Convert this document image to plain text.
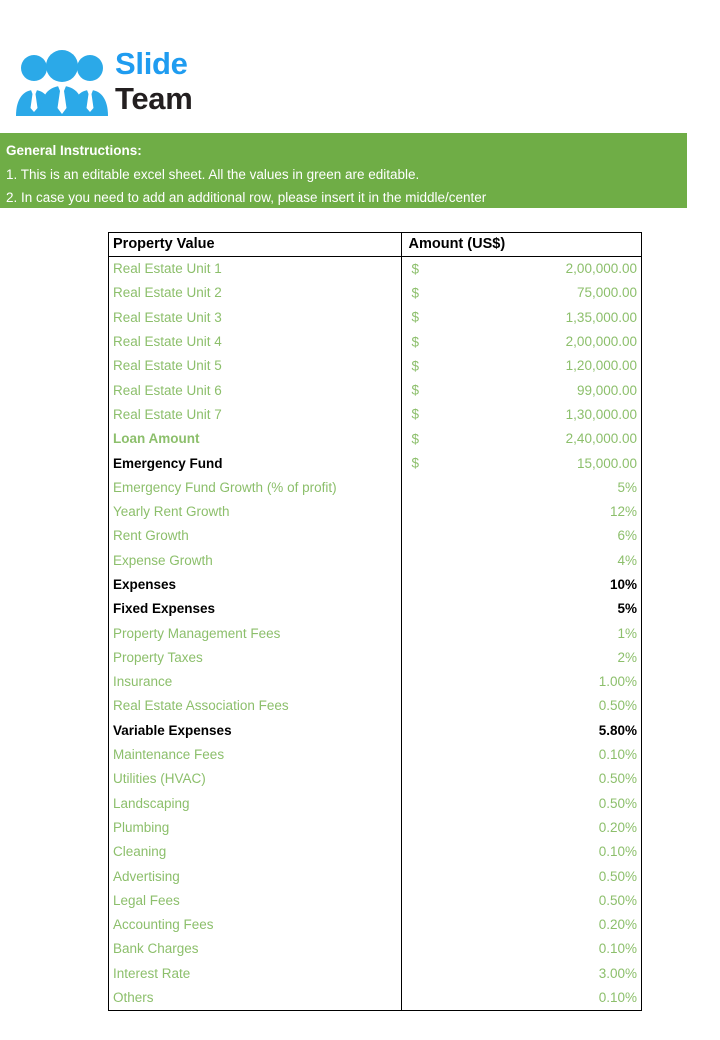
Slide
Team
General Instructions:
1. This is an editable excel sheet. All the values in green are editable.
2. In case you need to add an additional row, please insert it in the middle/center
Property Value	Amount (US$)
Real Estate Unit 1	$ 2,00,000.00
Real Estate Unit 2	$ 75,000.00
Real Estate Unit 3	$ 1,35,000.00
Real Estate Unit 4	$ 2,00,000.00
Real Estate Unit 5	$ 1,20,000.00
Real Estate Unit 6	$ 99,000.00
Real Estate Unit 7	$ 1,30,000.00
Loan Amount	$ 2,40,000.00
Emergency Fund	$ 15,000.00
Emergency Fund Growth (% of profit)	5%
Yearly Rent Growth	12%
Rent Growth	6%
Expense Growth	4%
Expenses	10%
Fixed Expenses	5%
Property Management Fees	1%
Property Taxes	2%
Insurance	1.00%
Real Estate Association Fees	0.50%
Variable Expenses	5.80%
Maintenance Fees	0.10%
Utilities (HVAC)	0.50%
Landscaping	0.50%
Plumbing	0.20%
Cleaning	0.10%
Advertising	0.50%
Legal Fees	0.50%
Accounting Fees	0.20%
Bank Charges	0.10%
Interest Rate	3.00%
Others	0.10%
